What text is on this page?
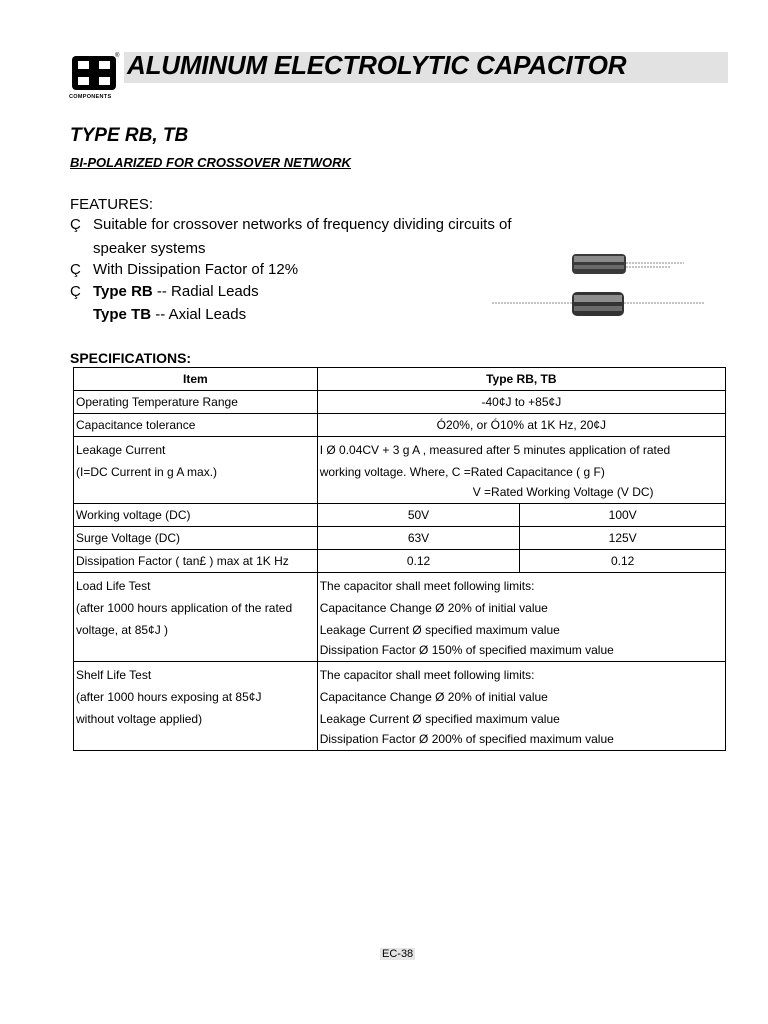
®
COMPONENTS
ALUMINUM ELECTROLYTIC CAPACITOR
TYPE RB, TB
BI-POLARIZED FOR CROSSOVER NETWORK
FEATURES:
Ç Suitable for crossover networks of frequency dividing circuits of
speaker systems
Ç With Dissipation Factor of 12%
Ç Type RB -- Radial Leads
Type TB -- Axial Leads
SPECIFICATIONS:
Item	Type RB, TB	
Operating Temperature Range	-40¢J to +85¢J	
Capacitance tolerance	Ó20%, or Ó10% at 1K Hz, 20¢J	

Leakage Current
(I=DC Current in g A max.)	I Ø 0.04CV + 3 g A , measured after 5 minutes application of rated
working voltage. Where, C =Rated Capacitance ( g F)
V =Rated Working Voltage (V DC)	

Working voltage (DC)	50V	100V
Surge Voltage (DC)	63V	125V
Dissipation Factor ( tan£ ) max at 1K Hz	0.12	0.12

Load Life Test
(after 1000 hours application of the rated
voltage, at 85¢J )	The capacitor shall meet following limits:
Capacitance Change Ø 20% of initial value
Leakage Current Ø specified maximum value
Dissipation Factor Ø 150% of specified maximum value	

Shelf Life Test
(after 1000 hours exposing at 85¢J
without voltage applied)	The capacitor shall meet following limits:
Capacitance Change Ø 20% of initial value
Leakage Current Ø specified maximum value
Dissipation Factor Ø 200% of specified maximum value	
EC-38
